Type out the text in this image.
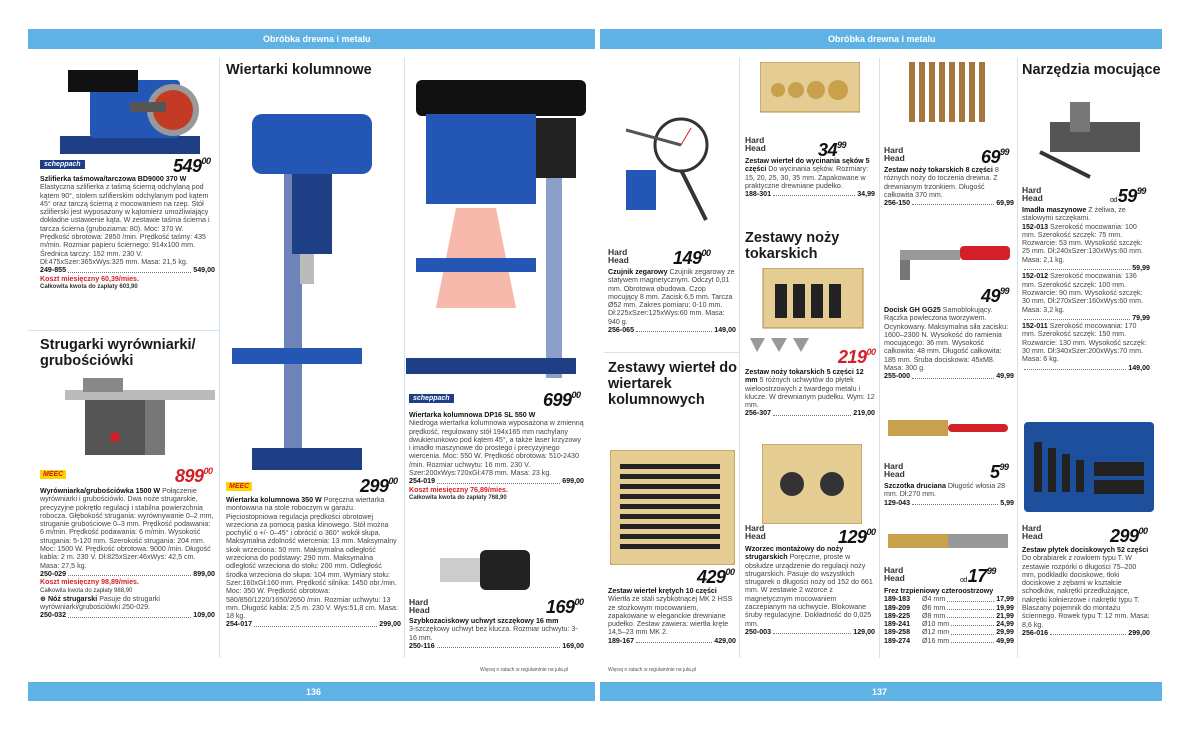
Obróbka drewna i metalu	Obróbka drewna i metalu
136	137
scheppach	$549^{00}$
Szlifierka taśmowa/tarczowa BD9000 370 W
Elastyczna szlifierka z taśmą ścierną odchylaną pod kątem 90°, stołem szlifierskim odchylanym pod kątem 45° oraz tarczą ścierną z mocowaniem na rzep. Stół szlifierski jest wyposażony w kątomierz umożliwiający dokładne ustawienie kąta. W zestawie taśma ścierna i tarcza ścierna (gruboziarna: 80). Moc: 370 W. Prędkość obrotowa: 2850 /min. Prędkość taśmy: 435 m/min. Rozmiar papieru ściernego: 914x100 mm. Średnica tarczy: 152 mm. 230 V. Dł:475xSzer:365xWys:325 mm. Masa: 21,5 kg.
249-855	549,00
Koszt miesięczny 60,39/mies.
Całkowita kwota do zapłaty 603,90
Strugarki wyrówniarki/ grubościówki
MEEC	$899^{00}$
Wyrówniarka/grubościówka 1500 W Połączenie wyrówniarki i grubościówki. Dwa noże strugarskie, precyzyjne pokrętło regulacji i stabilna powierzchnia robocza. Głębokość strugania: wyrównywanie 0–2 mm, struganie grubościowe 0–3 mm. Prędkość podawania: 6 m/min. Prędkość podawania: 6 m/min. Wysokość strugania: 5-120 mm. Szerokość strugania: 204 mm. Moc: 1500 W. Prędkość obrotowa: 9000 /min. Długość kabla: 2 m. 230 V. Dł:825xSzer:46xWys: 42,5 cm. Masa: 27,5 kg.
250-029	899,00
Koszt miesięczny 98,89/mies.
Całkowita kwota do zapłaty 988,90
⊕ Nóż strugarski Pasuje do strugarki wyrówniarki/grubościówki 250-029.
250-032	109,00
Wiertarki kolumnowe
MEEC	$299^{00}$
Wiertarka kolumnowa 350 W Poręczna wiertarka montowana na stole roboczym w garażu. Pięciostopniowa regulacja prędkości obrotowej wrzeciona za pomocą paska klinowego. Stół można pochylić o +/- 0–45° i obrócić o 360° wokół słupa. Maksymalna zdolność wiercenia: 13 mm. Maksymalny skok wrzeciona: 50 mm. Maksymalna odległość wrzeciona do podstawy: 290 mm. Maksymalna odległość wrzeciona do stołu: 200 mm. Odległość środka wrzeciona do słupa: 104 mm. Wymiary stołu: Szer:160xGł:160 mm. Prędkość silnika: 1450 obr./min. Moc: 350 W. Prędkość obrotowa: 580/850/1220/1650/2650 /min. Rozmiar uchwytu: 13 mm. Długość kabla: 2,5 m. 230 V. Wys:51,8 cm. Masa: 18 kg.
254-017	299,00
scheppach	$699^{00}$
Wiertarka kolumnowa DP16 SL 550 W
Niedroga wiertarka kolumnowa wyposażona w zmienną prędkość, regulowany stół 194x165 mm nachylany dwukierunkowo pod kątem 45°, a także laser krzyżowy i imadło maszynowe do prostego i precyzyjnego wiercenia. Moc: 550 W. Prędkość obrotowa: 510-2430 /min. Rozmiar uchwytu: 16 mm. 230 V. Szer:200xWys:720xGł:478 mm. Masa: 23 kg.
254-019	699,00
Koszt miesięczny 76,89/mies.
Całkowita kwota do zapłaty 768,90
Hard
Head	$169^{00}$
Szybkozaciskowy uchwyt szczękowy 16 mm
3-szczękowy uchwyt bez klucza. Rozmiar uchwytu: 3-16 mm.
250-116	169,00
Więcej o ratach w regulaminie na jula.pl
Hard
Head $149^{00}$
Czujnik zegarowy Czujnik zegarowy ze statywem magnetycznym. Odczyt 0,01 mm. Obrotowa obudowa. Czop mocujący 8 mm. Zacisk 6,5 mm. Tarcza Ø52 mm. Zakres pomiaru: 0-10 mm. Dł:225xSzer:125xWys:60 mm. Masa: 940 g.
256-065	149,00
Zestawy wierteł do wiertarek kolumnowych
$429^{00}$
Zestaw wierteł krętych 10 części
Wiertła ze stali szybkotnącej MK 2 HSS ze stożkowym mocowaniem, zapakowane w eleganckie drewniane pudełko. Zestaw zawiera: wiertła kręte 14,5–23 mm MK 2.
189-167	429,00
Więcej o ratach w regulaminie na jula.pl
Hard
Head	$34^{99}$
Zestaw wierteł do wycinania sęków 5 części Do wycinania sęków. Rozmiary: 15, 20, 25, 30, 35 mm. Zapakowane w praktyczne drewniane pudełko.
188-301	34,99
Zestawy noży tokarskich
$219^{00}$
Zestaw noży tokarskich 5 części 12 mm 5 różnych uchwytów do płytek wieloostrzowych z twardego metalu i klucze. W drewnianym pudełku. Wym: 12 mm.
256-307	219,00
Hard
Head	$129^{00}$
Wzorzec montażowy do noży strugarskich Poręczne, proste w obsłudze urządzenie do regulacji noży strugarskich. Pasuje do wszystkich strugarek o długości noży od 152 do 661 mm. W zestawie 2 wzorce z magnetycznym mocowaniem zaczepianym na uchwycie. Blokowane śruby regulacyjne. Dokładność do 0,025 mm.
250-003	129,00
Hard
Head	$69^{99}$
Zestaw noży tokarskich 8 części 8 różnych noży do toczenia drewna. Z drewnianym trzonkiem. Długość całkowita 370 mm.
256-150	69,99
$49^{99}$
Docisk GH GG25 Samoblokujący. Rączka powleczona tworzywem. Ocynkowany. Maksymalna siła zacisku: 1600–2300 N. Wysokość do ramienia mocującego: 36 mm. Wysokość całkowita: 48 mm. Długość całkowita: 185 mm. Śruba dociskowa: 45xM8. Masa: 300 g.
255-000	49,99
Hard
Head	$5^{99}$
Szczotka druciana Długość włosia 28 mm. Dł:270 mm.
129-043	5,99
Hard
Head	$od17^{99}$
Frez trzpieniowy czteroostrzowy
189-183	Ø4 mm	17,99
189-209	Ø6 mm	19,99
189-225	Ø8 mm	21,99
189-241	Ø10 mm	24,99
189-258	Ø12 mm	29,99
189-274	Ø16 mm	49,99
Narzędzia mocujące
Hard
Head	$od59^{99}$
Imadła maszynowe Z żeliwa, ze stalowymi szczękami.
152-013 Szerokość mocowania: 100 mm. Szerokość szczęk: 75 mm. Rozwarcie: 53 mm. Wysokość szczęk: 25 mm. Dł:240xSzer:130xWys:60 mm. Masa: 2,1 kg.
59,99
152-012 Szerokość mocowania: 136 mm. Szerokość szczęk: 100 mm. Rozwarcie: 90 mm. Wysokość szczęk: 30 mm. Dł:270xSzer:160xWys:60 mm. Masa: 3,2 kg.
79,99
152-011 Szerokość mocowania: 170 mm. Szerokość szczęk: 150 mm. Rozwarcie: 130 mm. Wysokość szczęk: 30 mm. Dł:340xSzer:200xWys:70 mm. Masa: 6 kg.
149,00
Hard
Head	$299^{00}$
Zestaw płytek dociskowych 52 części Do obrabiarek z rowkiem typu T. W zestawie rozpórki o długości 75–200 mm, podkładki dociskowe, tłoki dociskowe z zębami w kształcie schodków, nakrętki przedłużające, nakrętki kołnierzowe i nakrętki typu T. Blaszany pojemnik do montażu ściennego. Rowek typu T: 12 mm. Masa: 8,6 kg.
256-016	299,00
